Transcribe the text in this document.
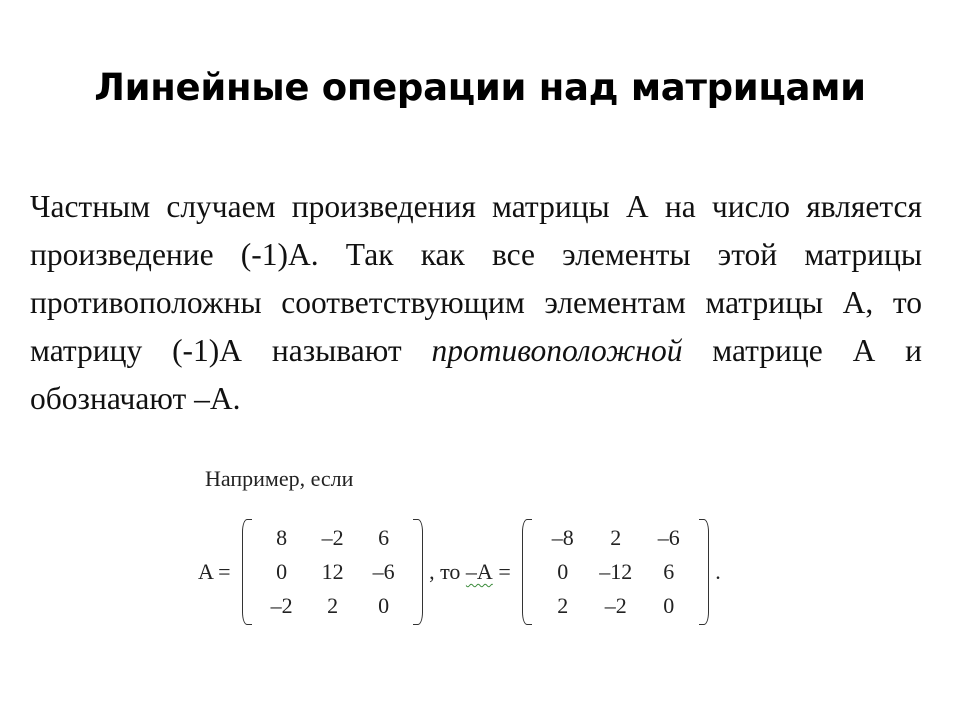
Линейные операции над матрицами

Частным случаем произведения матрицы А на число является произведение (-1)А. Так как все элементы этой матрицы противоположны соответствующим элементам матрицы А, то матрицу (-1)А называют противоположной матрице А и обозначают –А.

Например, если
A =
8	–2	6
0	12	–6
–2	2	0
, то –A =
–8	2	–6
0	–12	6
2	–2	0
.
